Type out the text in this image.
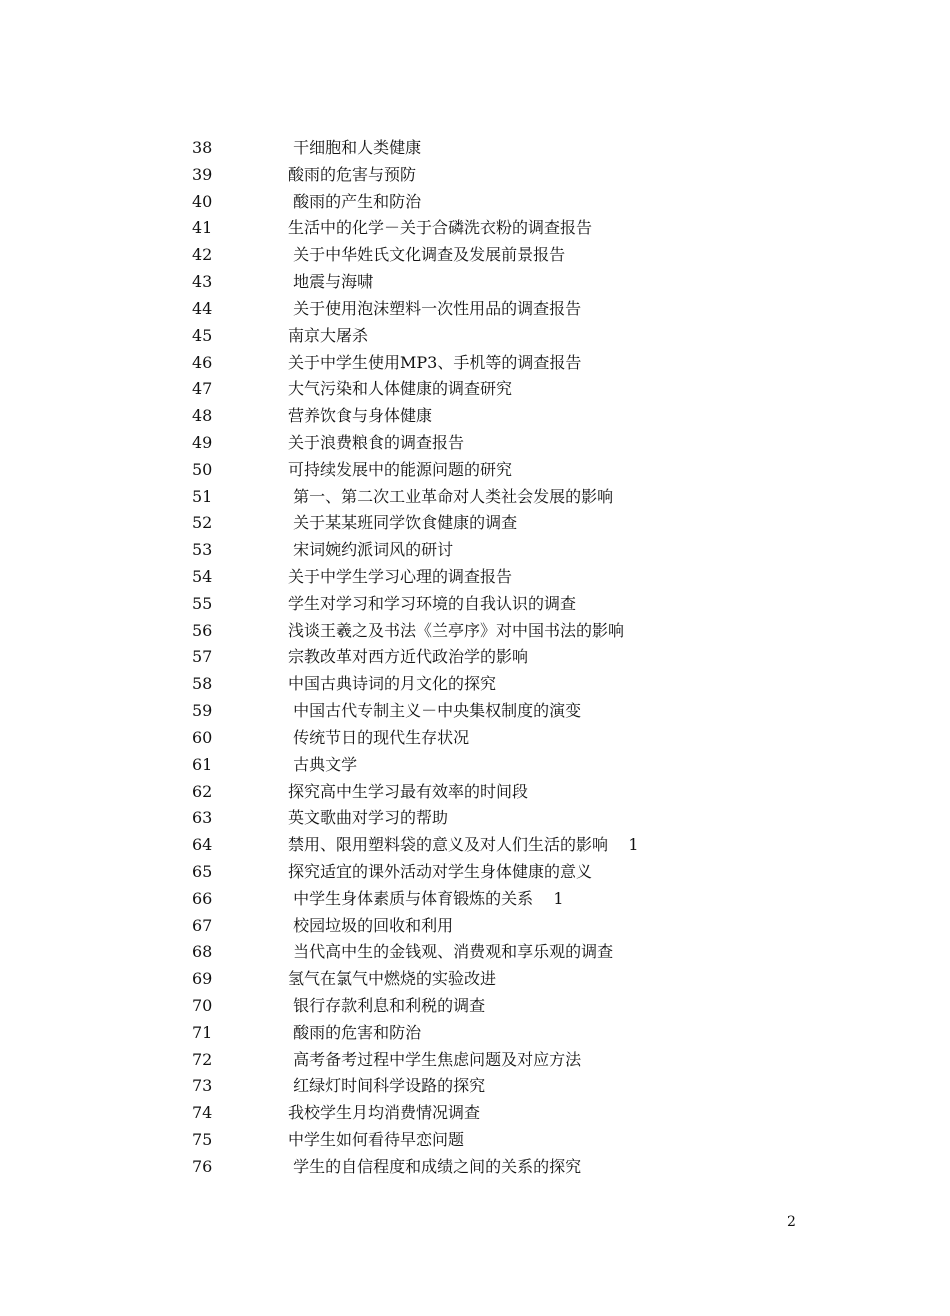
38	干细胞和人类健康
39	酸雨的危害与预防
40	酸雨的产生和防治
41	生活中的化学－关于合磷洗衣粉的调查报告
42	关于中华姓氏文化调查及发展前景报告
43	地震与海啸
44	关于使用泡沫塑料一次性用品的调查报告
45	南京大屠杀
46	关于中学生使用MP3、手机等的调查报告
47	大气污染和人体健康的调查研究
48	营养饮食与身体健康
49	关于浪费粮食的调查报告
50	可持续发展中的能源问题的研究
51	第一、第二次工业革命对人类社会发展的影响
52	关于某某班同学饮食健康的调查
53	宋词婉约派词风的研讨
54	关于中学生学习心理的调查报告
55	学生对学习和学习环境的自我认识的调查
56	浅谈王羲之及书法《兰亭序》对中国书法的影响
57	宗教改革对西方近代政治学的影响
58	中国古典诗词的月文化的探究
59	中国古代专制主义－中央集权制度的演变
60	传统节日的现代生存状况
61	古典文学
62	探究高中生学习最有效率的时间段
63	英文歌曲对学习的帮助
64	禁用、限用塑料袋的意义及对人们生活的影响    1
65	探究适宜的课外活动对学生身体健康的意义
66	中学生身体素质与体育锻炼的关系    1
67	校园垃圾的回收和利用
68	当代高中生的金钱观、消费观和享乐观的调查
69	氢气在氯气中燃烧的实验改进
70	银行存款利息和利税的调查
71	酸雨的危害和防治
72	高考备考过程中学生焦虑问题及对应方法
73	红绿灯时间科学设路的探究
74	我校学生月均消费情况调查
75	中学生如何看待早恋问题
76	学生的自信程度和成绩之间的关系的探究
2
